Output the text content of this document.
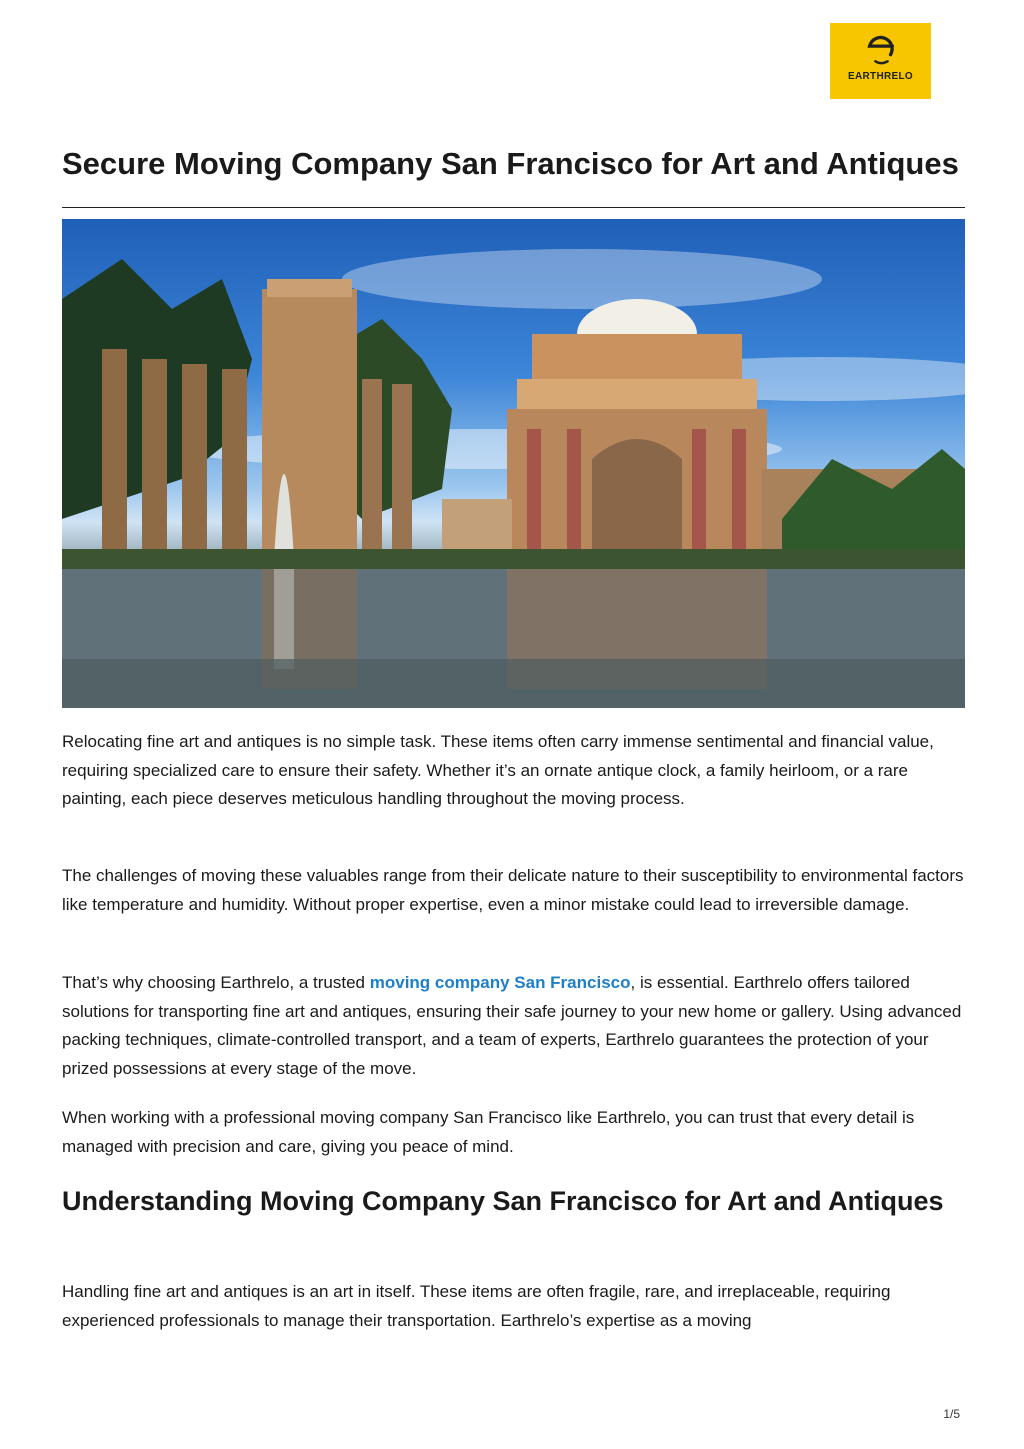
Secure Moving Company San Francisco for Art and Antiques
EARTHRELO

Relocating fine art and antiques is no simple task. These items often carry immense sentimental and financial value, requiring specialized care to ensure their safety. Whether it’s an ornate antique clock, a family heirloom, or a rare painting, each piece deserves meticulous handling throughout the moving process.

The challenges of moving these valuables range from their delicate nature to their susceptibility to environmental factors like temperature and humidity. Without proper expertise, even a minor mistake could lead to irreversible damage.

That’s why choosing Earthrelo, a trusted moving company San Francisco, is essential. Earthrelo offers tailored solutions for transporting fine art and antiques, ensuring their safe journey to your new home or gallery. Using advanced packing techniques, climate-controlled transport, and a team of experts, Earthrelo guarantees the protection of your prized possessions at every stage of the move.

When working with a professional moving company San Francisco like Earthrelo, you can trust that every detail is managed with precision and care, giving you peace of mind.

Understanding Moving Company San Francisco for Art and Antiques

Handling fine art and antiques is an art in itself. These items are often fragile, rare, and irreplaceable, requiring experienced professionals to manage their transportation. Earthrelo’s expertise as a moving

1/5
